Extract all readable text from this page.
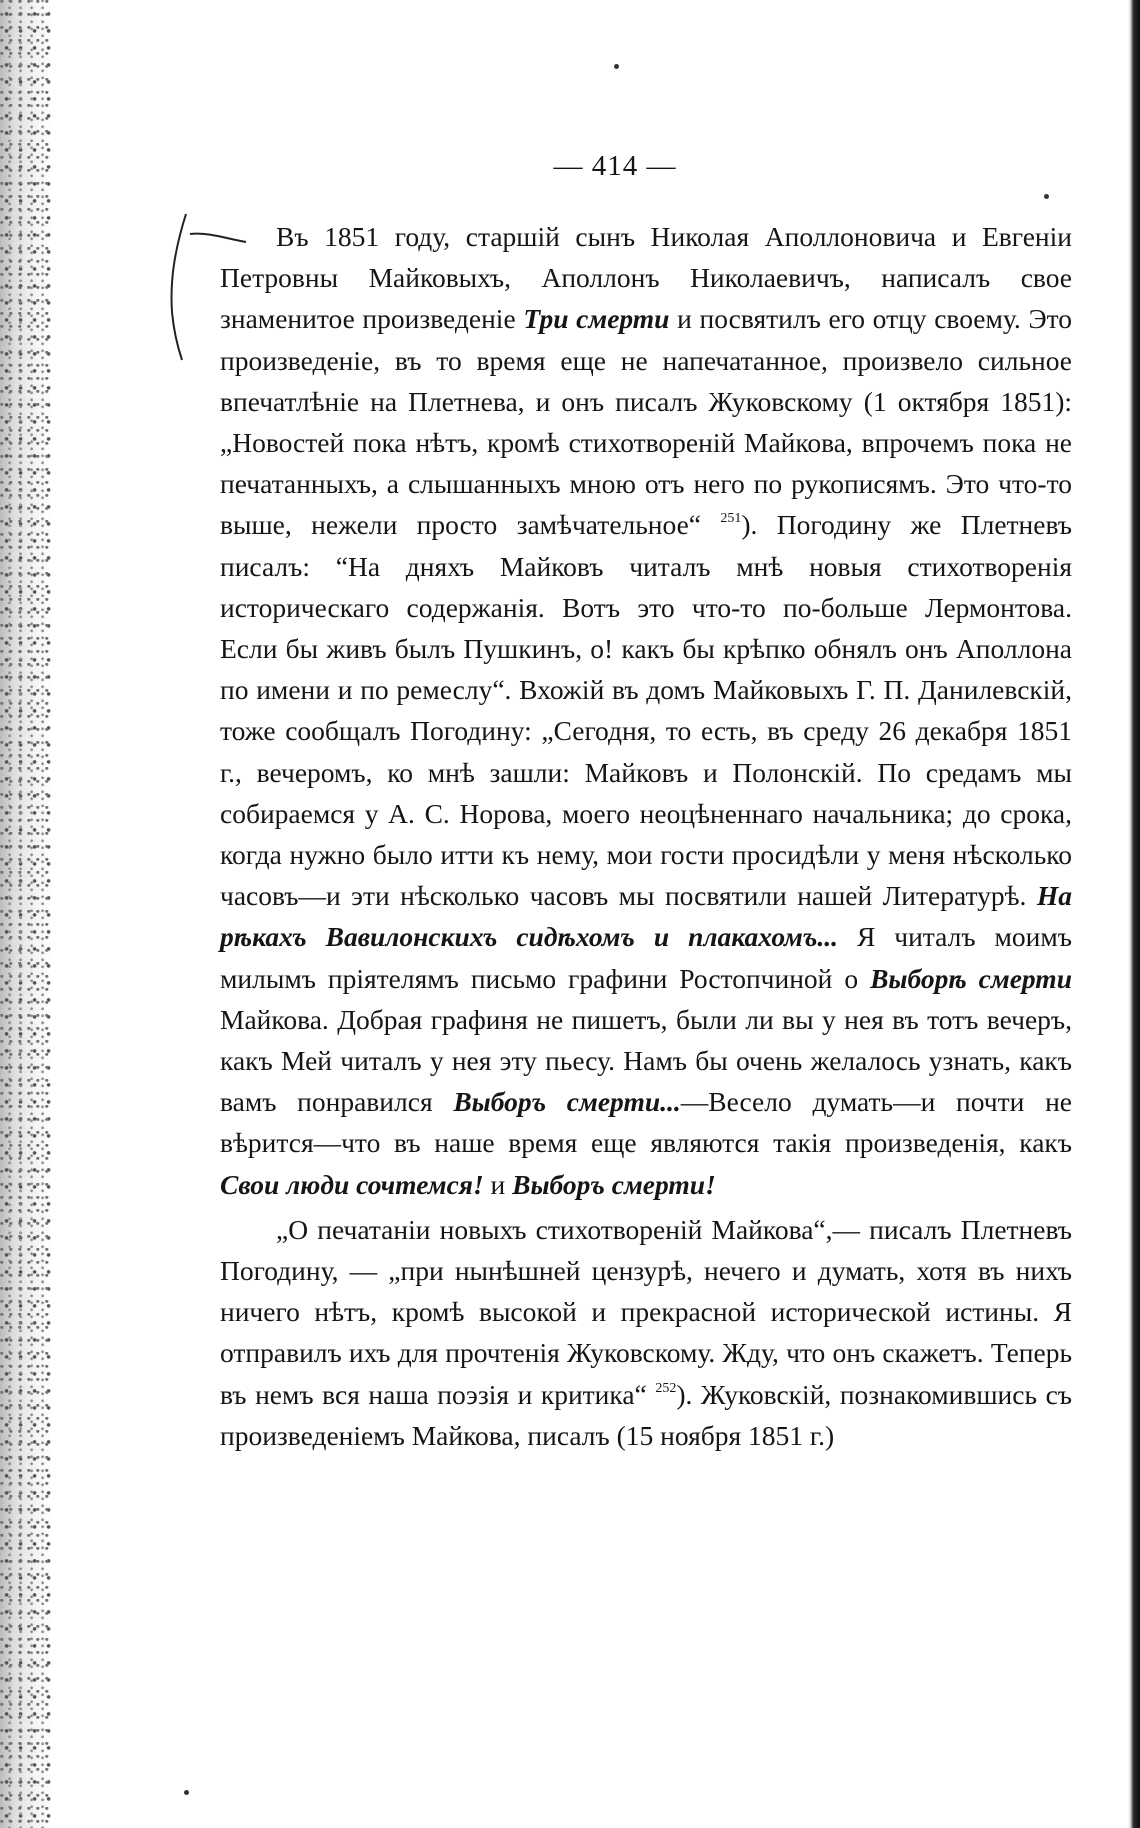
— 414 —

Въ 1851 году, старшій сынъ Николая Аполлоновича и Евгеніи Петровны Майковыхъ, Аполлонъ Николаевичъ, написалъ свое знаменитое произведеніе Три смерти и посвятилъ его отцу своему. Это произведеніе, въ то время еще не напечатанное, произвело сильное впечатлѣніе на Плетнева, и онъ писалъ Жуковскому (1 октября 1851): „Новостей пока нѣтъ, кромѣ стихотвореній Майкова, впрочемъ пока не печатанныхъ, а слышанныхъ мною отъ него по рукописямъ. Это что-то выше, нежели просто замѣчательное“ $^{251}$). Погодину же Плетневъ писалъ: “На дняхъ Майковъ читалъ мнѣ новыя стихотворенія историческаго содержанія. Вотъ это что-то по-больше Лермонтова. Если бы живъ былъ Пушкинъ, о! какъ бы крѣпко обнялъ онъ Аполлона по имени и по ремеслу“. Вхожій въ домъ Майковыхъ Г. П. Данилевскій, тоже сообщалъ Погодину: „Сегодня, то есть, въ среду 26 декабря 1851 г., вечеромъ, ко мнѣ зашли: Майковъ и Полонскій. По средамъ мы собираемся у А. С. Норова, моего неоцѣненнаго начальника; до срока, когда нужно было итти къ нему, мои гости просидѣли у меня нѣсколько часовъ—и эти нѣсколько часовъ мы посвятили нашей Литературѣ. На рѣкахъ Вавилонскихъ сидѣхомъ и плакахомъ... Я читалъ моимъ милымъ пріятелямъ письмо графини Ростопчиной о Выборѣ смерти Майкова. Добрая графиня не пишетъ, были ли вы у нея въ тотъ вечеръ, какъ Мей читалъ у нея эту пьесу. Намъ бы очень желалось узнать, какъ вамъ понравился Выборъ смерти...—Весело думать—и почти не вѣрится—что въ наше время еще являются такія произведенія, какъ Свои люди сочтемся! и Выборъ смерти!

„О печатаніи новыхъ стихотвореній Майкова“,— писалъ Плетневъ Погодину, — „при нынѣшней цензурѣ, нечего и думать, хотя въ нихъ ничего нѣтъ, кромѣ высокой и прекрасной исторической истины. Я отправилъ ихъ для прочтенія Жуковскому. Жду, что онъ скажетъ. Теперь въ немъ вся наша поэзія и критика“ $^{252}$). Жуковскій, познакомившись съ произведеніемъ Майкова, писалъ (15 ноября 1851 г.)
